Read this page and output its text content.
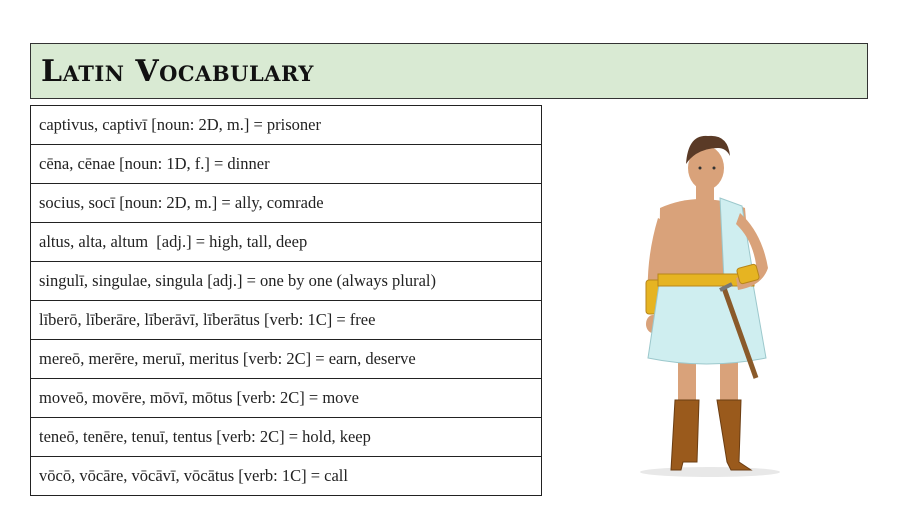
Latin Vocabulary
captivus, captivī [noun: 2D, m.] = prisoner
cēna, cēnae [noun: 1D, f.] = dinner
socius, socī [noun: 2D, m.] = ally, comrade
altus, alta, altum  [adj.] = high, tall, deep
singulī, singulae, singula [adj.] = one by one (always plural)
līberō, līberāre, līberāvī, līberātus [verb: 1C] = free
mereō, merēre, meruī, meritus [verb: 2C] = earn, deserve
moveō, movēre, mōvī, mōtus [verb: 2C] = move
teneō, tenēre, tenuī, tentus [verb: 2C] = hold, keep
vōcō, vōcāre, vōcāvī, vōcātus [verb: 1C] = call
